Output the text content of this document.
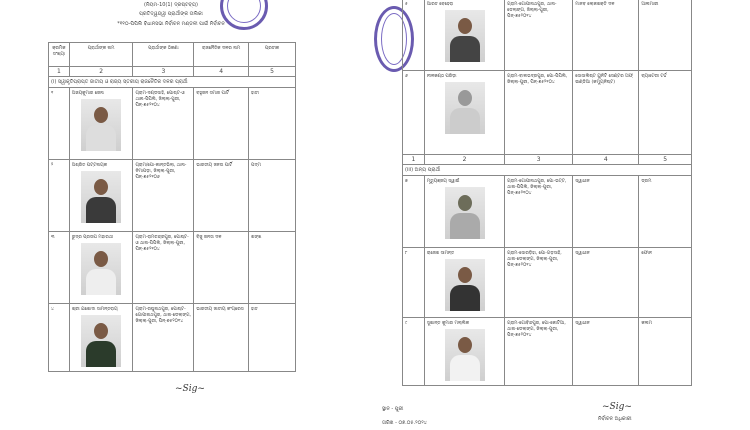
(ନିୟମ-10(1) ଦ୍ରଷ୍ଟବ୍ୟ)
ପ୍ରତିଦ୍ୱନ୍ଦ୍ୱୀ ପ୍ରାର୍ଥୀଙ୍କ ତାଲିକା
*୧୧୦-ପିପିଲି ବିଧାନସଭା ନିର୍ବାଚନ ମଣ୍ଡଳୀ ପାଇଁ ନିର୍ବାଚନ
କ୍ରମିକ ସଂଖ୍ୟା	ପ୍ରାର୍ଥୀଙ୍କ ନାମ	ପ୍ରାର୍ଥୀଙ୍କ ଠିକଣା	ରାଜନୈତିକ ଦଳର ନାମ	ପ୍ରତୀକ
1	2	3	4	5
(i) ସ୍ୱୀକୃତିପ୍ରାପ୍ତ ଜାତୀୟ ଓ ରାଜ୍ୟ ସ୍ତରୀୟ ରାଜନୈତିକ ଦଳର ପ୍ରାର୍ଥୀ				
୧	ଅଜୟକୁମାର ଜେନା	ଗ୍ରାମ-ଦଣ୍ଡସାହି, ପୋଷ୍ଟ-ଓ ଥାନା-ପିପିଲି, ଜିଲ୍ଲା-ପୁରୀ, ପିନ୍-୭୫୨୧୦୪	ବହୁଜନ ସମାଜ ପାର୍ଟି	ହାତୀ
୨	ଅଶ୍ରିତ ପଟ୍ଟନାୟକ	ଗ୍ରାମ/ପୋ-କାନ୍ତଭିଲା, ଥାନା-ନିମାପଡ଼ା, ଜିଲ୍ଲା-ପୁରୀ, ପିନ୍-୭୫୨୧୦୬	ଭାରତୀୟ ଜନତା ପାର୍ଟି	ପଦ୍ମ
୩	ରୁଦ୍ର ପ୍ରତାପ ମହାରଥୀ	ଗ୍ରାମ-ରାମଚନ୍ଦ୍ରପୁର, ପୋଷ୍ଟ-ଓ ଥାନା-ପିପିଲି, ଜିଲ୍ଲା-ପୁରୀ, ପିନ୍-୭୫୨୧୦୪	ବିଜୁ ଜନତା ଦଳ	ଶଙ୍ଖ
୪	ଶ୍ରୀ ଯଶୋଦା ସାମନ୍ତରାୟ	ଗ୍ରାମ-ରଘୁନାଥପୁର, ପୋଷ୍ଟ-ଗୋପୀନାଥପୁର, ଥାନା-ଡେଲାଙ୍ଗ, ଜିଲ୍ଲା-ପୁରୀ, ପିନ୍-୭୫୨୦୧୪	ଭାରତୀୟ ଜାତୀୟ କଂଗ୍ରେସ	ହାତ
~Sig~
୫	ଆରତ ବେହେରା	ଗ୍ରାମ-ଗୋପୀନାଥପୁର, ଥାନା-ଡେଲାଙ୍ଗ, ଜିଲ୍ଲା-ପୁରୀ, ପିନ୍-୭୫୨୦୧୪	ମାନବ ଲୋକଶକ୍ତି ଦଳ	ଆଲମାରୀ
୬	ନୀଳକଣ୍ଠ ପରିଡ଼ା	ଗ୍ରାମ-ବାଲଭଦ୍ରପୁର, ପୋ-ପିପିଲି, ଜିଲ୍ଲା-ପୁରୀ, ପିନ୍-୭୫୨୧୦୪	ସୋସାଲିଷ୍ଟ ୟୁନିଟି ସେଣ୍ଟର ଅଫ୍ ଇଣ୍ଡିଆ (କମ୍ୟୁନିଷ୍ଟ)	ବ୍ୟାଟେରୀ ଟର୍ଚ୍ଚ
1	2	3	4	5
(iii) ଅନ୍ୟ ପ୍ରାର୍ଥୀ				
୭	ମୃତ୍ୟୁଞ୍ଜୟ ସ୍ୱାଇଁ	ଗ୍ରାମ-ଗୋପୀନାଥପୁର, ପୋ-ଭଟ୍ଟ, ଥାନା-ପିପିଲି, ଜିଲ୍ଲା-ପୁରୀ, ପିନ୍-୭୫୨୧୦୪	ସ୍ୱାଧୀନ	ଡ୍ରମ
୮	ରାଜେଶ ସାମନ୍ତ	ଗ୍ରାମ-ସୋରଡ଼ିହା, ପୋ-ଗଡ଼ସାହି, ଥାନା-ଡେଲାଙ୍ଗ, ଜିଲ୍ଲା-ପୁରୀ, ପିନ୍-୭୫୨୦୧୪	ସ୍ୱାଧୀନ	ଫୋନ
୯	ସୁଶାନ୍ତ କୁମାର ମଲ୍ଲିକ	ଗ୍ରାମ-ଗୋବିନ୍ଦପୁର, ପୋ-କୋଟିଆ, ଥାନା-ଡେଲାଙ୍ଗ, ଜିଲ୍ଲା-ପୁରୀ, ପିନ୍-୭୫୨୦୧୪	ସ୍ୱାଧୀନ	କଲମ
ସ୍ଥାନ - ପୁରୀ
ତାରିଖ - ୦୭.୦୫.୨୦୨୪
~Sig~
ନିର୍ବାଚନ ଅଧିକାରୀ
